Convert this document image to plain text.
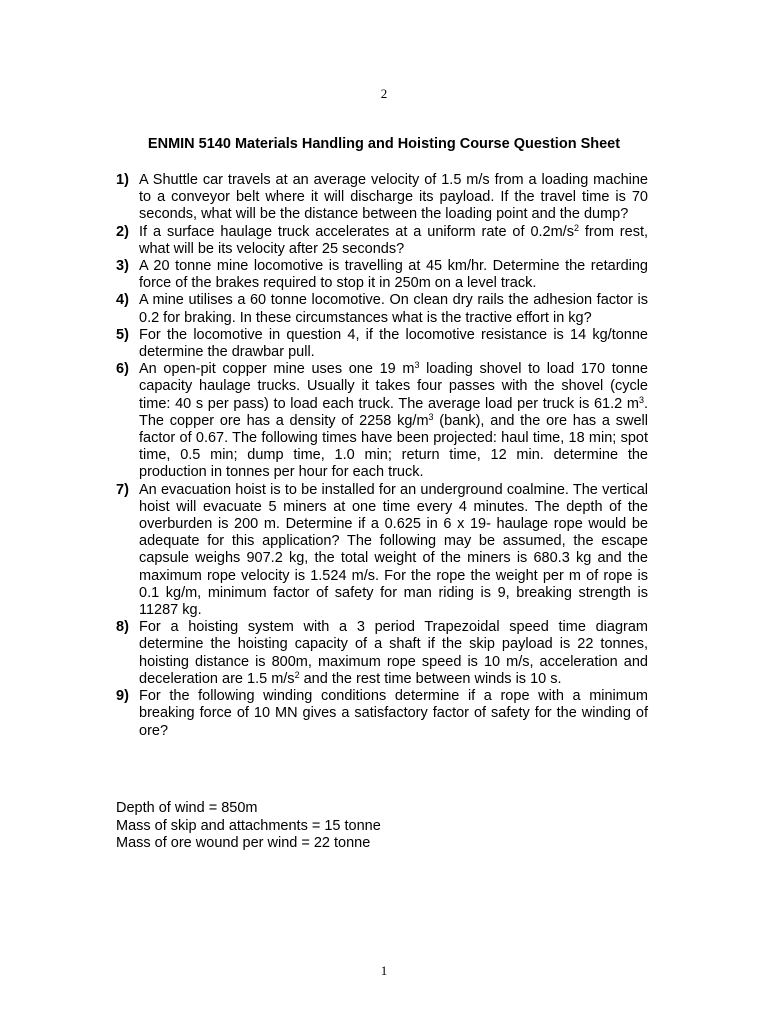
2
ENMIN 5140 Materials Handling and Hoisting Course Question Sheet
1) A Shuttle car travels at an average velocity of 1.5 m/s from a loading machine to a conveyor belt where it will discharge its payload. If the travel time is 70 seconds, what will be the distance between the loading point and the dump?
2) If a surface haulage truck accelerates at a uniform rate of $0.2m/s^2$ from rest, what will be its velocity after 25 seconds?
3) A 20 tonne mine locomotive is travelling at 45 km/hr. Determine the retarding force of the brakes required to stop it in 250m on a level track.
4) A mine utilises a 60 tonne locomotive. On clean dry rails the adhesion factor is 0.2 for braking. In these circumstances what is the tractive effort in kg?
5) For the locomotive in question 4, if the locomotive resistance is 14 kg/tonne determine the drawbar pull.
6) An open-pit copper mine uses one 19 $m^3$ loading shovel to load 170 tonne capacity haulage trucks. Usually it takes four passes with the shovel (cycle time: 40 s per pass) to load each truck. The average load per truck is 61.2 $m^3$. The copper ore has a density of 2258 $kg/m^3$ (bank), and the ore has a swell factor of 0.67. The following times have been projected: haul time, 18 min; spot time, 0.5 min; dump time, 1.0 min; return time, 12 min. determine the production in tonnes per hour for each truck.
7) An evacuation hoist is to be installed for an underground coalmine. The vertical hoist will evacuate 5 miners at one time every 4 minutes. The depth of the overburden is 200 m. Determine if a 0.625 in 6 x 19- haulage rope would be adequate for this application? The following may be assumed, the escape capsule weighs 907.2 kg, the total weight of the miners is 680.3 kg and the maximum rope velocity is 1.524 m/s. For the rope the weight per m of rope is 0.1 kg/m, minimum factor of safety for man riding is 9, breaking strength is 11287 kg.
8) For a hoisting system with a 3 period Trapezoidal speed time diagram determine the hoisting capacity of a shaft if the skip payload is 22 tonnes, hoisting distance is 800m, maximum rope speed is 10 m/s, acceleration and deceleration are 1.5 $m/s^2$ and the rest time between winds is 10 s.
9) For the following winding conditions determine if a rope with a minimum breaking force of 10 MN gives a satisfactory factor of safety for the winding of ore?
Depth of wind = 850m
Mass of skip and attachments = 15 tonne
Mass of ore wound per wind = 22 tonne
1
